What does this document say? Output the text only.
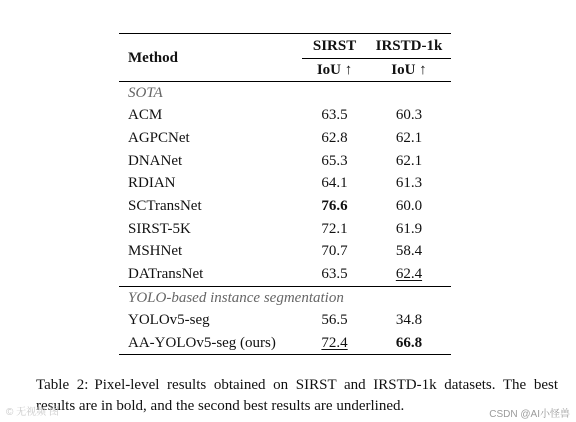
Method	SIRST	IRSTD-1k
	IoU ↑	IoU ↑
SOTA		
ACM	63.5	60.3
AGPCNet	62.8	62.1
DNANet	65.3	62.1
RDIAN	64.1	61.3
SCTransNet	76.6	60.0
SIRST-5K	72.1	61.9
MSHNet	70.7	58.4
DATransNet	63.5	62.4
YOLO-based instance segmentation		
YOLOv5-seg	56.5	34.8
AA-YOLOv5-seg (ours)	72.4	66.8
Table 2: Pixel-level results obtained on SIRST and IRSTD-1k datasets. The best results are in bold, and the second best results are underlined.
© 无视频 图	CSDN @AI小怪兽
